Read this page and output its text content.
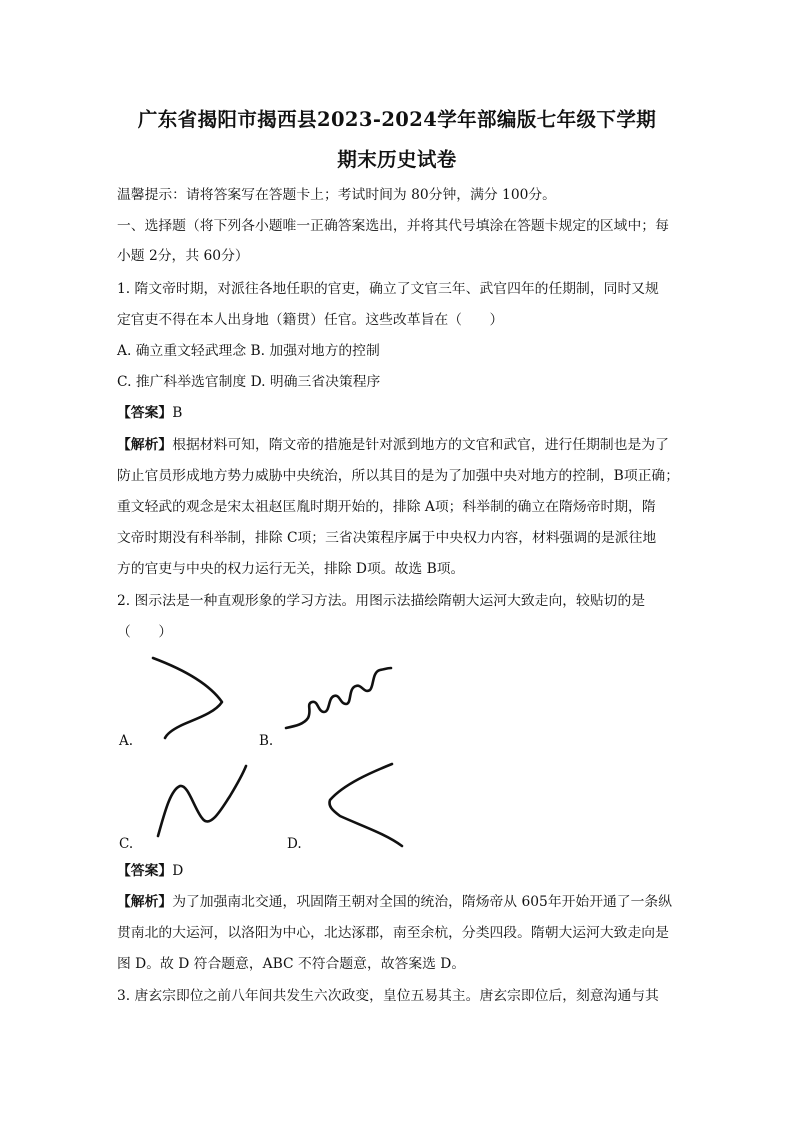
广东省揭阳市揭西县2023-2024学年部编版七年级下学期
期末历史试卷
温馨提示：请将答案写在答题卡上；考试时间为 80分钟，满分 100分。
一、选择题（将下列各小题唯一正确答案选出，并将其代号填涂在答题卡规定的区域中；每
小题 2分，共 60分）
1. 隋文帝时期，对派往各地任职的官吏，确立了文官三年、武官四年的任期制，同时又规
定官吏不得在本人出身地（籍贯）任官。这些改革旨在（　　）
A. 确立重文轻武理念 B. 加强对地方的控制
C. 推广科举选官制度 D. 明确三省决策程序
【答案】B
【解析】根据材料可知，隋文帝的措施是针对派到地方的文官和武官，进行任期制也是为了
防止官员形成地方势力威胁中央统治，所以其目的是为了加强中央对地方的控制，B项正确；
重文轻武的观念是宋太祖赵匡胤时期开始的，排除 A项；科举制的确立在隋炀帝时期，隋
文帝时期没有科举制，排除 C项；三省决策程序属于中央权力内容，材料强调的是派往地
方的官吏与中央的权力运行无关，排除 D项。故选 B项。
2. 图示法是一种直观形象的学习方法。用图示法描绘隋朝大运河大致走向，较贴切的是
（　　）
A.	B.
C.	D.
【答案】D
【解析】为了加强南北交通，巩固隋王朝对全国的统治，隋炀帝从 605年开始开通了一条纵
贯南北的大运河，以洛阳为中心，北达涿郡，南至余杭，分类四段。隋朝大运河大致走向是
图 D。故 D 符合题意，ABC 不符合题意，故答案选 D。
3. 唐玄宗即位之前八年间共发生六次政变，皇位五易其主。唐玄宗即位后，刻意沟通与其
